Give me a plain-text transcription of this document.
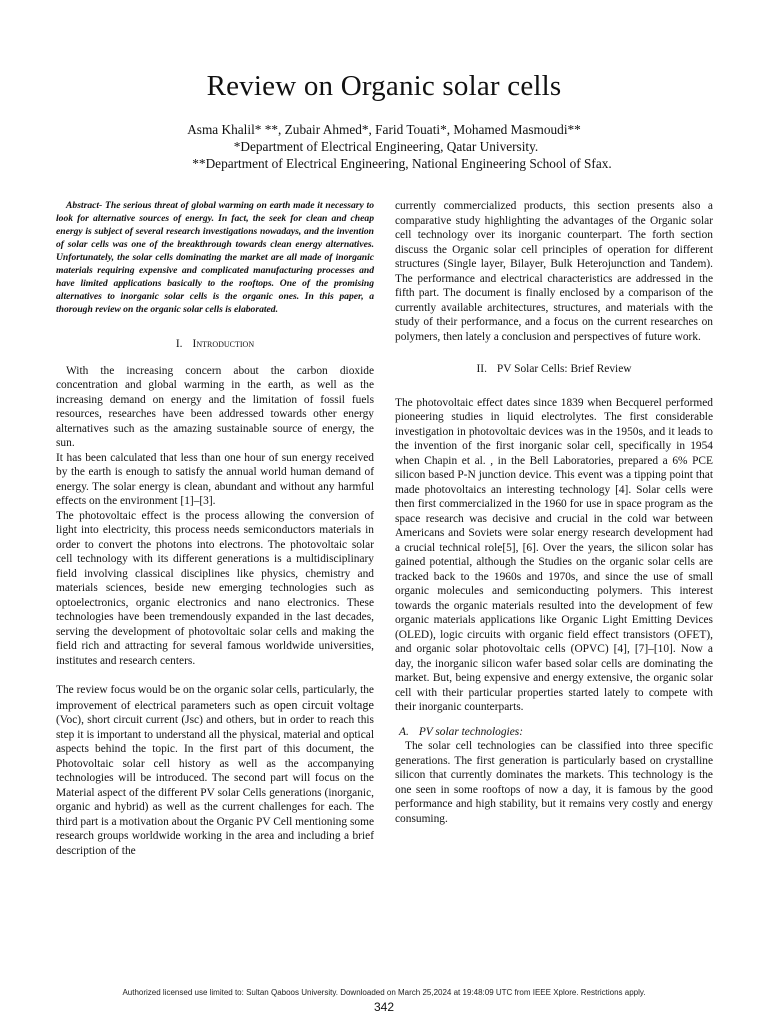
Review on Organic solar cells
Asma Khalil* **, Zubair Ahmed*, Farid Touati*, Mohamed Masmoudi**
*Department of Electrical Engineering, Qatar University.
**Department of Electrical Engineering, National Engineering School of Sfax.

Abstract- The serious threat of global warming on earth made it necessary to look for alternative sources of energy. In fact, the seek for clean and cheap energy is subject of several research investigations nowadays, and the invention of solar cells was one of the breakthrough towards clean energy alternatives. Unfortunately, the solar cells dominating the market are all made of inorganic materials requiring expensive and complicated manufacturing processes and have limited applications basically to the rooftops. One of the promising alternatives to inorganic solar cells is the organic ones. In this paper, a thorough review on the organic solar cells is elaborated.

I. Introduction

With the increasing concern about the carbon dioxide concentration and global warming in the earth, as well as the increasing demand on energy and the limitation of fossil fuels resources, researches have been addressed towards other energy alternatives such as the amazing sustainable source of energy, the sun.

It has been calculated that less than one hour of sun energy received by the earth is enough to satisfy the annual world human demand of energy. The solar energy is clean, abundant and without any harmful effects on the environment [1]–[3].

The photovoltaic effect is the process allowing the conversion of light into electricity, this process needs semiconductors materials in order to convert the photons into electrons. The photovoltaic solar cell technology with its different generations is a multidisciplinary field involving classical disciplines like physics, chemistry and materials sciences, beside new emerging technologies such as optoelectronics, organic electronics and nano electronics. These technologies have been tremendously expanded in the last decades, serving the development of photovoltaic solar cells and making the field rich and attracting for several famous worldwide universities, institutes and research centers.

The review focus would be on the organic solar cells, particularly, the improvement of electrical parameters such as open circuit voltage (Voc), short circuit current (Jsc) and others, but in order to reach this step it is important to understand all the physical, material and optical aspects behind the topic. In the first part of this document, the Photovoltaic solar cell history as well as the accompanying technologies will be introduced. The second part will focus on the Material aspect of the different PV solar Cells generations (inorganic, organic and hybrid) as well as the current challenges for each. The third part is a motivation about the Organic PV Cell mentioning some research groups worldwide working in the area and including a brief description of the

currently commercialized products, this section presents also a comparative study highlighting the advantages of the Organic solar cell technology over its inorganic counterpart. The forth section discuss the Organic solar cell principles of operation for different structures (Single layer, Bilayer, Bulk Heterojunction and Tandem). The performance and electrical characteristics are addressed in the fifth part. The document is finally enclosed by a comparison of the currently available architectures, structures, and materials with the study of their performance, and a focus on the current researches on polymers, then lately a conclusion and perspectives of future work.

II. PV Solar Cells: Brief Review

The photovoltaic effect dates since 1839 when Becquerel performed pioneering studies in liquid electrolytes. The first considerable investigation in photovoltaic devices was in the 1950s, and it leads to the invention of the first inorganic solar cell, specifically in 1954 when Chapin et al. , in the Bell Laboratories, prepared a 6% PCE silicon based P-N junction device. This event was a tipping point that made photovoltaics an interesting technology [4]. Solar cells were then first commercialized in the 1960 for use in space program as the space research was decisive and crucial in the cold war between Americans and Soviets were solar energy research development had a crucial technical role[5], [6]. Over the years, the silicon solar has gained potential, although the Studies on the organic solar cells are tracked back to the 1960s and 1970s, and since the use of small organic molecules and semiconducting polymers. This interest towards the organic materials resulted into the development of few organic materials applications like Organic Light Emitting Devices (OLED), logic circuits with organic field effect transistors (OFET), and organic solar photovoltaic cells (OPVC) [4], [7]–[10]. Now a day, the inorganic silicon wafer based solar cells are dominating the market. But, being expensive and energy extensive, the organic solar cell with their particular properties started lately to compete with their inorganic counterparts.

A. PV solar technologies:

The solar cell technologies can be classified into three specific generations. The first generation is particularly based on crystalline silicon that currently dominates the markets. This technology is the one seen in some rooftops of now a day, it is famous by the good performance and high stability, but it remains very costly and energy consuming.

Authorized licensed use limited to: Sultan Qaboos University. Downloaded on March 25,2024 at 19:48:09 UTC from IEEE Xplore. Restrictions apply.
342
